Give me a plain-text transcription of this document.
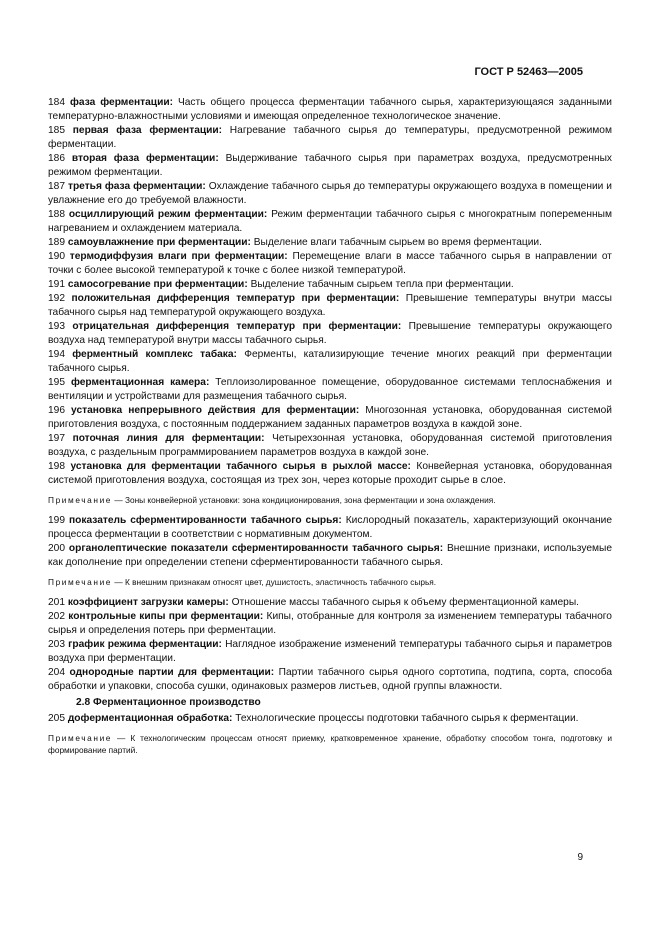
ГОСТ Р 52463—2005

184 фаза ферментации: Часть общего процесса ферментации табачного сырья, характеризующаяся заданными температурно-влажностными условиями и имеющая определенное технологическое значение.

185 первая фаза ферментации: Нагревание табачного сырья до температуры, предусмотренной режимом ферментации.

186 вторая фаза ферментации: Выдерживание табачного сырья при параметрах воздуха, предусмотренных режимом ферментации.

187 третья фаза ферментации: Охлаждение табачного сырья до температуры окружающего воздуха в помещении и увлажнение его до требуемой влажности.

188 осциллирующий режим ферментации: Режим ферментации табачного сырья с многократным попеременным нагреванием и охлаждением материала.

189 самоувлажнение при ферментации: Выделение влаги табачным сырьем во время ферментации.

190 термодиффузия влаги при ферментации: Перемещение влаги в массе табачного сырья в направлении от точки с более высокой температурой к точке с более низкой температурой.

191 самосогревание при ферментации: Выделение табачным сырьем тепла при ферментации.

192 положительная дифференция температур при ферментации: Превышение температуры внутри массы табачного сырья над температурой окружающего воздуха.

193 отрицательная дифференция температур при ферментации: Превышение температуры окружающего воздуха над температурой внутри массы табачного сырья.

194 ферментный комплекс табака: Ферменты, катализирующие течение многих реакций при ферментации табачного сырья.

195 ферментационная камера: Теплоизолированное помещение, оборудованное системами теплоснабжения и вентиляции и устройствами для размещения табачного сырья.

196 установка непрерывного действия для ферментации: Многозонная установка, оборудованная системой приготовления воздуха, с постоянным поддержанием заданных параметров воздуха в каждой зоне.

197 поточная линия для ферментации: Четырехзонная установка, оборудованная системой приготовления воздуха, с раздельным программированием параметров воздуха в каждой зоне.

198 установка для ферментации табачного сырья в рыхлой массе: Конвейерная установка, оборудованная системой приготовления воздуха, состоящая из трех зон, через которые проходит сырье в слое.

Примечание — Зоны конвейерной установки: зона кондиционирования, зона ферментации и зона охлаждения.

199 показатель сферментированности табачного сырья: Кислородный показатель, характеризующий окончание процесса ферментации в соответствии с нормативным документом.

200 органолептические показатели сферментированности табачного сырья: Внешние признаки, используемые как дополнение при определении степени сферментированности табачного сырья.

Примечание — К внешним признакам относят цвет, душистость, эластичность табачного сырья.

201 коэффициент загрузки камеры: Отношение массы табачного сырья к объему ферментационной камеры.

202 контрольные кипы при ферментации: Кипы, отобранные для контроля за изменением температуры табачного сырья и определения потерь при ферментации.

203 график режима ферментации: Наглядное изображение изменений температуры табачного сырья и параметров воздуха при ферментации.

204 однородные партии для ферментации: Партии табачного сырья одного сортотипа, подтипа, сорта, способа обработки и упаковки, способа сушки, одинаковых размеров листьев, одной группы влажности.

2.8 Ферментационное производство

205 доферментационная обработка: Технологические процессы подготовки табачного сырья к ферментации.

Примечание — К технологическим процессам относят приемку, кратковременное хранение, обработку способом тонга, подготовку и формирование партий.

9
